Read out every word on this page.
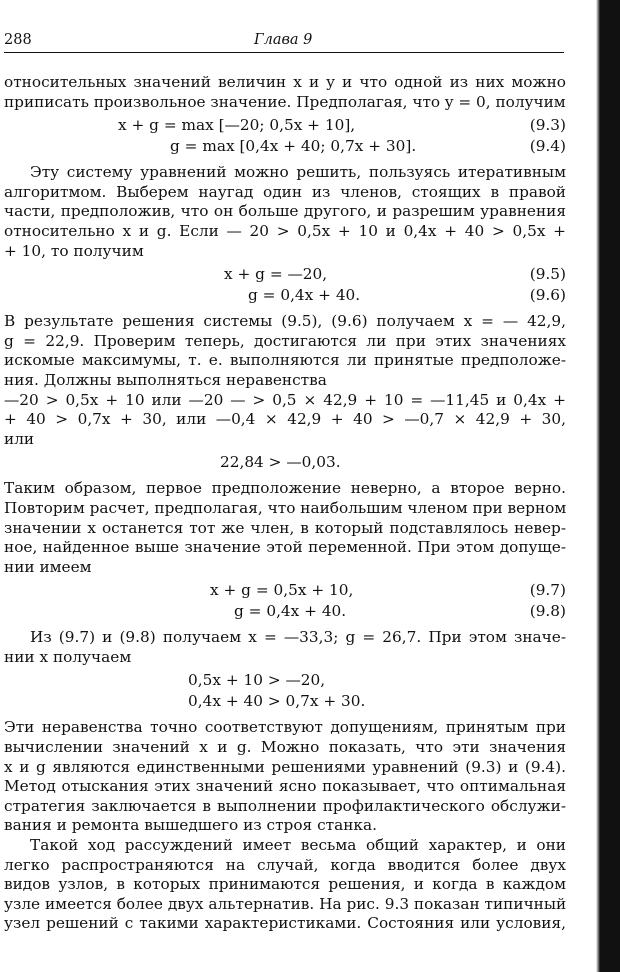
288	Глава 9

относительных значений величин x и y и что одной из них можно
приписать произвольное значение. Предполагая, что y = 0, получим

x + g = max [—20; 0,5x + 10],	(9.3)
g = max [0,4x + 40; 0,7x + 30].	(9.4)

Эту систему уравнений можно решить, пользуясь итеративным
алгоритмом. Выберем наугад один из членов, стоящих в правой
части, предположив, что он больше другого, и разрешим уравнения
относительно x и g. Если — 20 > 0,5x + 10 и 0,4x + 40 > 0,5x +
+ 10, то получим

x + g = —20,	(9.5)
g = 0,4x + 40.	(9.6)

В результате решения системы (9.5), (9.6) получаем x = — 42,9,
g = 22,9. Проверим теперь, достигаются ли при этих значениях
искомые максимумы, т. е. выполняются ли принятые предположе-
ния. Должны выполняться неравенства
—20 > 0,5x + 10 или —20 — > 0,5 × 42,9 + 10 = —11,45 и 0,4x +
+ 40 > 0,7x + 30, или —0,4 × 42,9 + 40 > —0,7 × 42,9 + 30,
или

22,84 > —0,03.

Таким образом, первое предположение неверно, а второе верно.
Повторим расчет, предполагая, что наибольшим членом при верном
значении x останется тот же член, в который подставлялось невер-
ное, найденное выше значение этой переменной. При этом допуще-
нии имеем

x + g = 0,5x + 10,	(9.7)
g = 0,4x + 40.	(9.8)

Из (9.7) и (9.8) получаем x = —33,3; g = 26,7. При этом значе-
нии x получаем

0,5x + 10 > —20,
0,4x + 40 > 0,7x + 30.

Эти неравенства точно соответствуют допущениям, принятым при
вычислении значений x и g. Можно показать, что эти значения
x и g являются единственными решениями уравнений (9.3) и (9.4).
Метод отыскания этих значений ясно показывает, что оптимальная
стратегия заключается в выполнении профилактического обслужи-
вания и ремонта вышедшего из строя станка.

Такой ход рассуждений имеет весьма общий характер, и они
легко распространяются на случай, когда вводится более двух
видов узлов, в которых принимаются решения, и когда в каждом
узле имеется более двух альтернатив. На рис. 9.3 показан типичный
узел решений с такими характеристиками. Состояния или условия,
